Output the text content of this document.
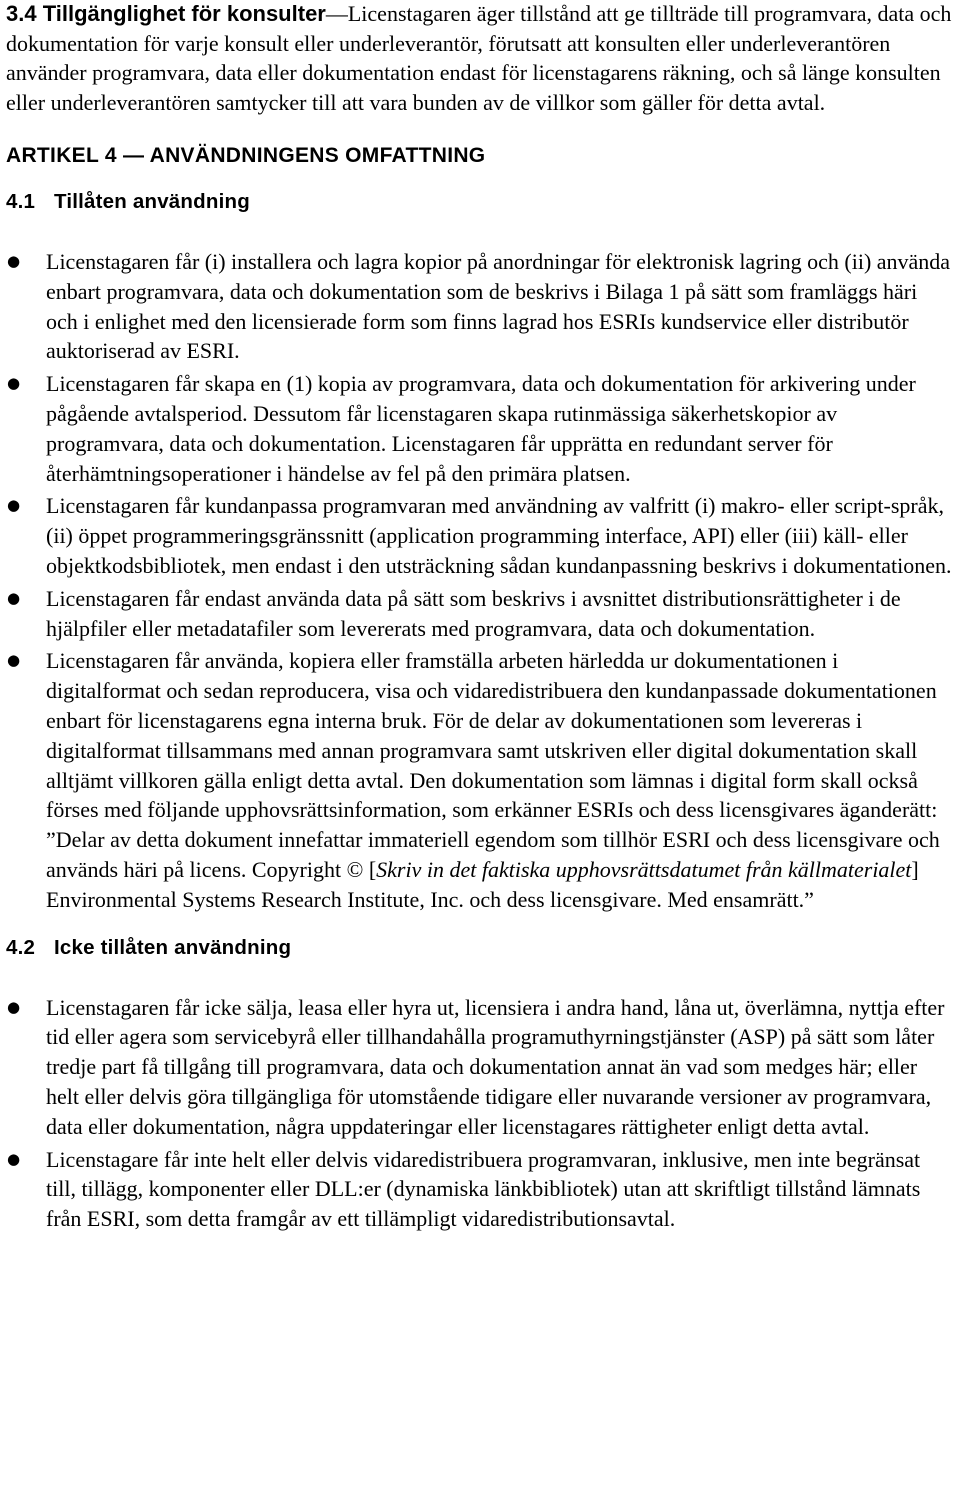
3.4 Tillgänglighet för konsulter—Licenstagaren äger tillstånd att ge tillträde till programvara, data och dokumentation för varje konsult eller underleverantör, förutsatt att konsulten eller underleverantören använder programvara, data eller dokumentation endast för licenstagarens räkning, och så länge konsulten eller underleverantören samtycker till att vara bunden av de villkor som gäller för detta avtal.

ARTIKEL 4 — ANVÄNDNINGENS OMFATTNING
4.1 Tillåten användning
●	Licenstagaren får (i) installera och lagra kopior på anordningar för elektronisk lagring och (ii) använda enbart programvara, data och dokumentation som de beskrivs i Bilaga 1 på sätt som framläggs häri och i enlighet med den licensierade form som finns lagrad hos ESRIs kundservice eller distributör auktoriserad av ESRI.
●	Licenstagaren får skapa en (1) kopia av programvara, data och dokumentation för arkivering under pågående avtalsperiod. Dessutom får licenstagaren skapa rutinmässiga säkerhetskopior av programvara, data och dokumentation. Licenstagaren får upprätta en redundant server för återhämtningsoperationer i händelse av fel på den primära platsen.
●	Licenstagaren får kundanpassa programvaran med användning av valfritt (i) makro- eller script-språk, (ii) öppet programmeringsgränssnitt (application programming interface, API) eller (iii) käll- eller objektkodsbibliotek, men endast i den utsträckning sådan kundanpassning beskrivs i dokumentationen.
●	Licenstagaren får endast använda data på sätt som beskrivs i avsnittet distributionsrättigheter i de hjälpfiler eller metadatafiler som levererats med programvara, data och dokumentation.
●	Licenstagaren får använda, kopiera eller framställa arbeten härledda ur dokumentationen i digitalformat och sedan reproducera, visa och vidaredistribuera den kundanpassade dokumentationen enbart för licenstagarens egna interna bruk. För de delar av dokumentationen som levereras i digitalformat tillsammans med annan programvara samt utskriven eller digital dokumentation skall alltjämt villkoren gälla enligt detta avtal. Den dokumentation som lämnas i digital form skall också förses med följande upphovsrättsinformation, som erkänner ESRIs och dess licensgivares äganderätt: ”Delar av detta dokument innefattar immateriell egendom som tillhör ESRI och dess licensgivare och används häri på licens. Copyright © [Skriv in det faktiska upphovsrättsdatumet från källmaterialet] Environmental Systems Research Institute, Inc. och dess licensgivare. Med ensamrätt.”
4.2 Icke tillåten användning
●	Licenstagaren får icke sälja, leasa eller hyra ut, licensiera i andra hand, låna ut, överlämna, nyttja efter tid eller agera som servicebyrå eller tillhandahålla programuthyrningstjänster (ASP) på sätt som låter tredje part få tillgång till programvara, data och dokumentation annat än vad som medges här; eller helt eller delvis göra tillgängliga för utomstående tidigare eller nuvarande versioner av programvara, data eller dokumentation, några uppdateringar eller licenstagares rättigheter enligt detta avtal.
●	Licenstagare får inte helt eller delvis vidaredistribuera programvaran, inklusive, men inte begränsat till, tillägg, komponenter eller DLL:er (dynamiska länkbibliotek) utan att skriftligt tillstånd lämnats från ESRI, som detta framgår av ett tillämpligt vidaredistributionsavtal.
